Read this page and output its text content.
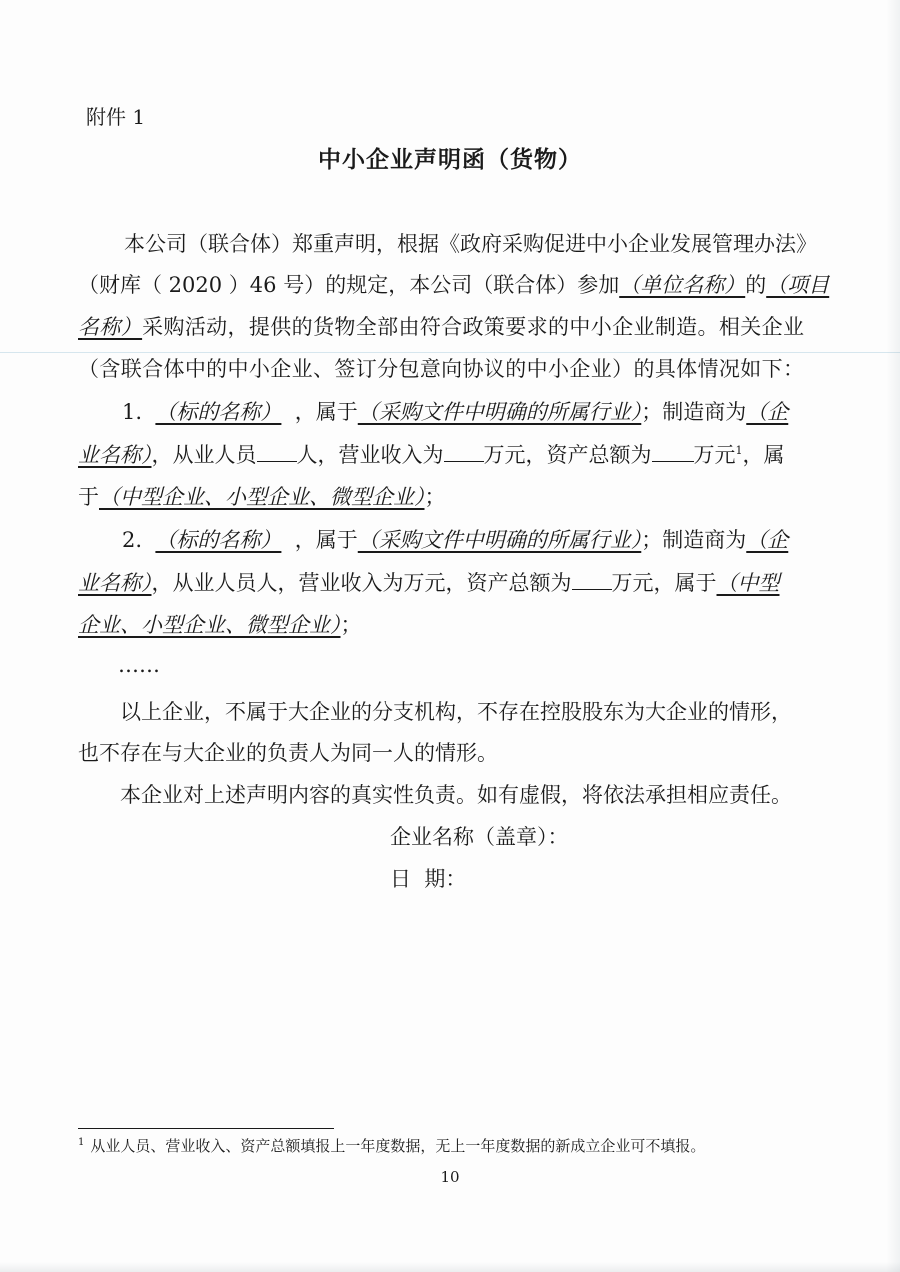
附件 1
中小企业声明函（货物）
本公司（联合体）郑重声明，根据《政府采购促进中小企业发展管理办法》
（财库（ 2020 ）46 号）的规定，本公司（联合体）参加（单位名称）的（项目
名称）采购活动，提供的货物全部由符合政策要求的中小企业制造。相关企业
（含联合体中的中小企业、签订分包意向协议的中小企业）的具体情况如下：
1. （标的名称） ，属于（采购文件中明确的所属行业）；制造商为（企
业名称），从业人员 人，营业收入为 万元，资产总额为 万元$^1$，属
于（中型企业、小型企业、微型企业）；
2. （标的名称） ，属于（采购文件中明确的所属行业）；制造商为（企
业名称），从业人员人，营业收入为万元，资产总额为 万元，属于（中型
企业、小型企业、微型企业）；
……
以上企业，不属于大企业的分支机构，不存在控股股东为大企业的情形，
也不存在与大企业的负责人为同一人的情形。
本企业对上述声明内容的真实性负责。如有虚假，将依法承担相应责任。
企业名称（盖章）：
日  期：
$^1$ 从业人员、营业收入、资产总额填报上一年度数据，无上一年度数据的新成立企业可不填报。
10
